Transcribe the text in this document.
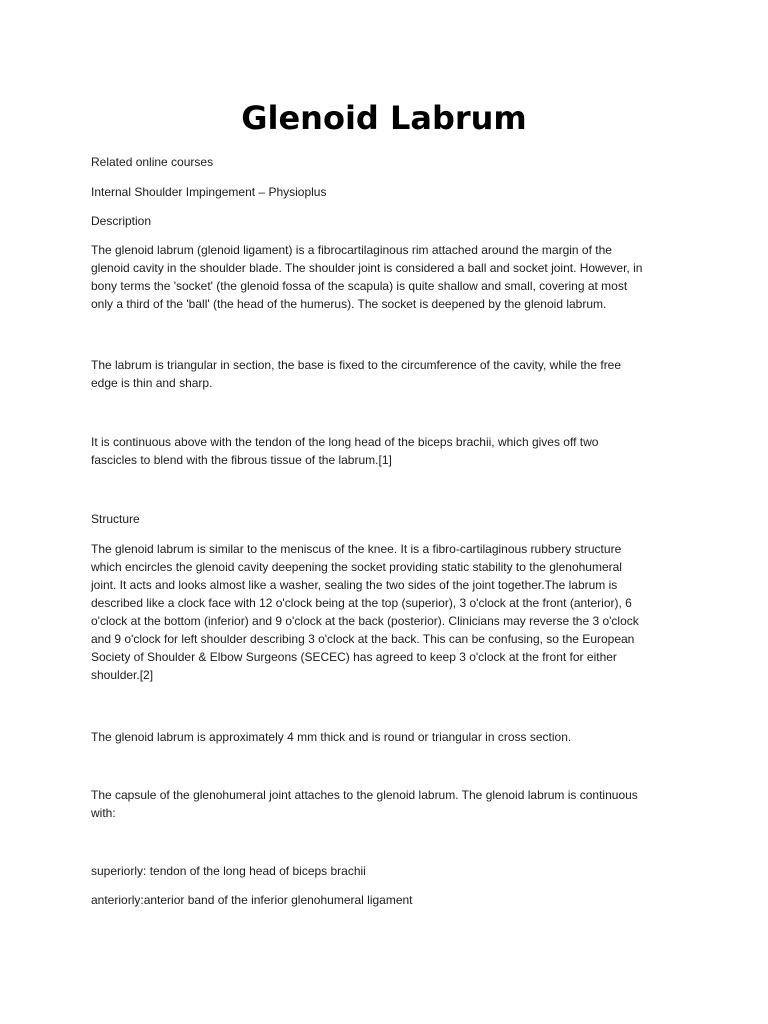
Glenoid Labrum

Related online courses

Internal Shoulder Impingement – Physioplus

Description

The glenoid labrum (glenoid ligament) is a fibrocartilaginous rim attached around the margin of the
glenoid cavity in the shoulder blade. The shoulder joint is considered a ball and socket joint. However, in
bony terms the 'socket' (the glenoid fossa of the scapula) is quite shallow and small, covering at most
only a third of the 'ball' (the head of the humerus). The socket is deepened by the glenoid labrum.

The labrum is triangular in section, the base is fixed to the circumference of the cavity, while the free
edge is thin and sharp.

It is continuous above with the tendon of the long head of the biceps brachii, which gives off two
fascicles to blend with the fibrous tissue of the labrum.[1]

Structure

The glenoid labrum is similar to the meniscus of the knee. It is a fibro-cartilaginous rubbery structure
which encircles the glenoid cavity deepening the socket providing static stability to the glenohumeral
joint. It acts and looks almost like a washer, sealing the two sides of the joint together.The labrum is
described like a clock face with 12 o'clock being at the top (superior), 3 o'clock at the front (anterior), 6
o'clock at the bottom (inferior) and 9 o'clock at the back (posterior). Clinicians may reverse the 3 o'clock
and 9 o'clock for left shoulder describing 3 o'clock at the back. This can be confusing, so the European
Society of Shoulder & Elbow Surgeons (SECEC) has agreed to keep 3 o'clock at the front for either
shoulder.[2]

The glenoid labrum is approximately 4 mm thick and is round or triangular in cross section.

The capsule of the glenohumeral joint attaches to the glenoid labrum. The glenoid labrum is continuous
with:

superiorly: tendon of the long head of biceps brachii

anteriorly:anterior band of the inferior glenohumeral ligament
